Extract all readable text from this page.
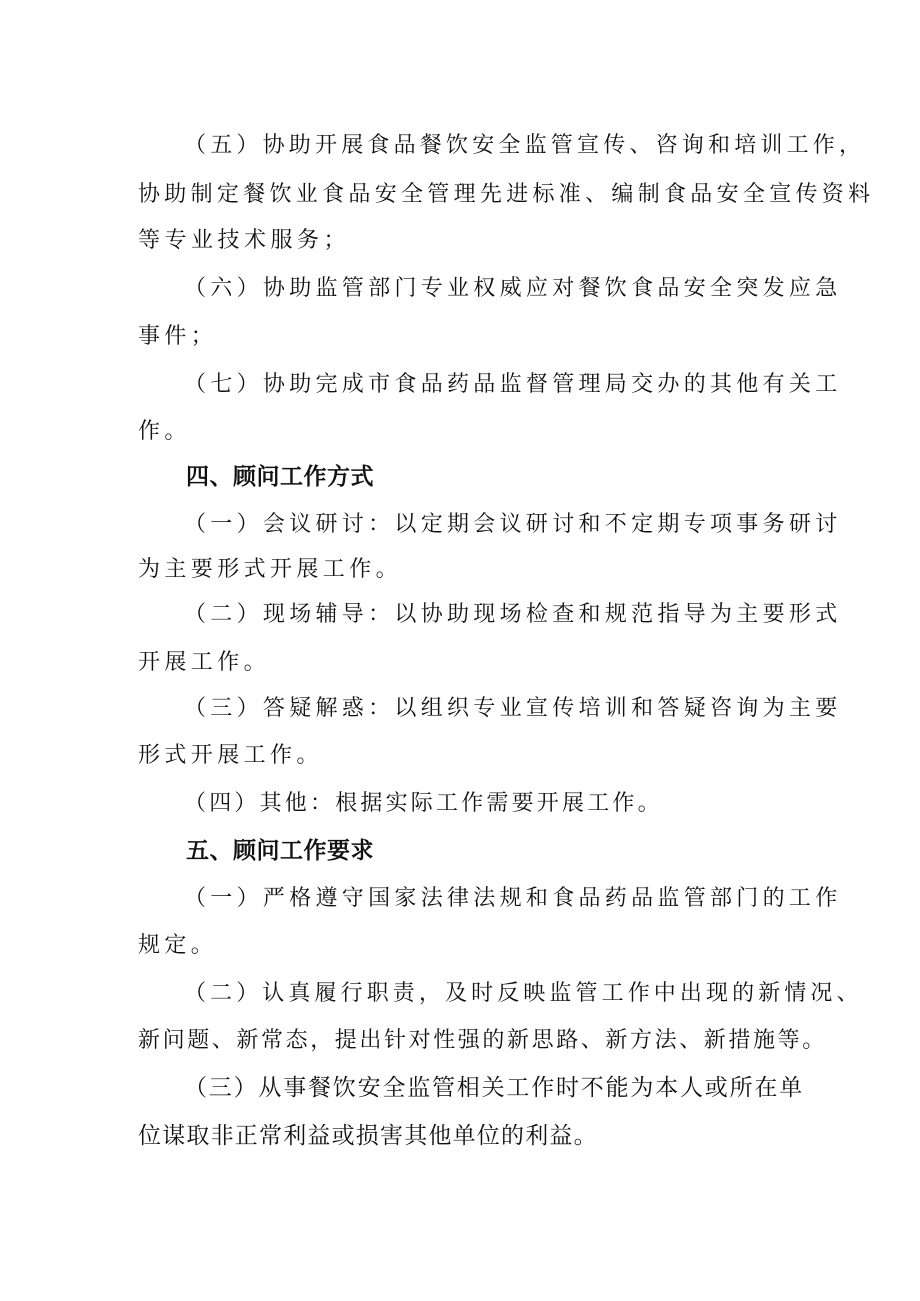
（五）协助开展食品餐饮安全监管宣传、咨询和培训工作，
协助制定餐饮业食品安全管理先进标准、编制食品安全宣传资料
等专业技术服务；
（六）协助监管部门专业权威应对餐饮食品安全突发应急
事件；
（七）协助完成市食品药品监督管理局交办的其他有关工
作。
四、顾问工作方式
（一）会议研讨：以定期会议研讨和不定期专项事务研讨
为主要形式开展工作。
（二）现场辅导：以协助现场检查和规范指导为主要形式
开展工作。
（三）答疑解惑：以组织专业宣传培训和答疑咨询为主要
形式开展工作。
（四）其他：根据实际工作需要开展工作。
五、顾问工作要求
（一）严格遵守国家法律法规和食品药品监管部门的工作
规定。
（二）认真履行职责，及时反映监管工作中出现的新情况、
新问题、新常态，提出针对性强的新思路、新方法、新措施等。
（三）从事餐饮安全监管相关工作时不能为本人或所在单
位谋取非正常利益或损害其他单位的利益。
